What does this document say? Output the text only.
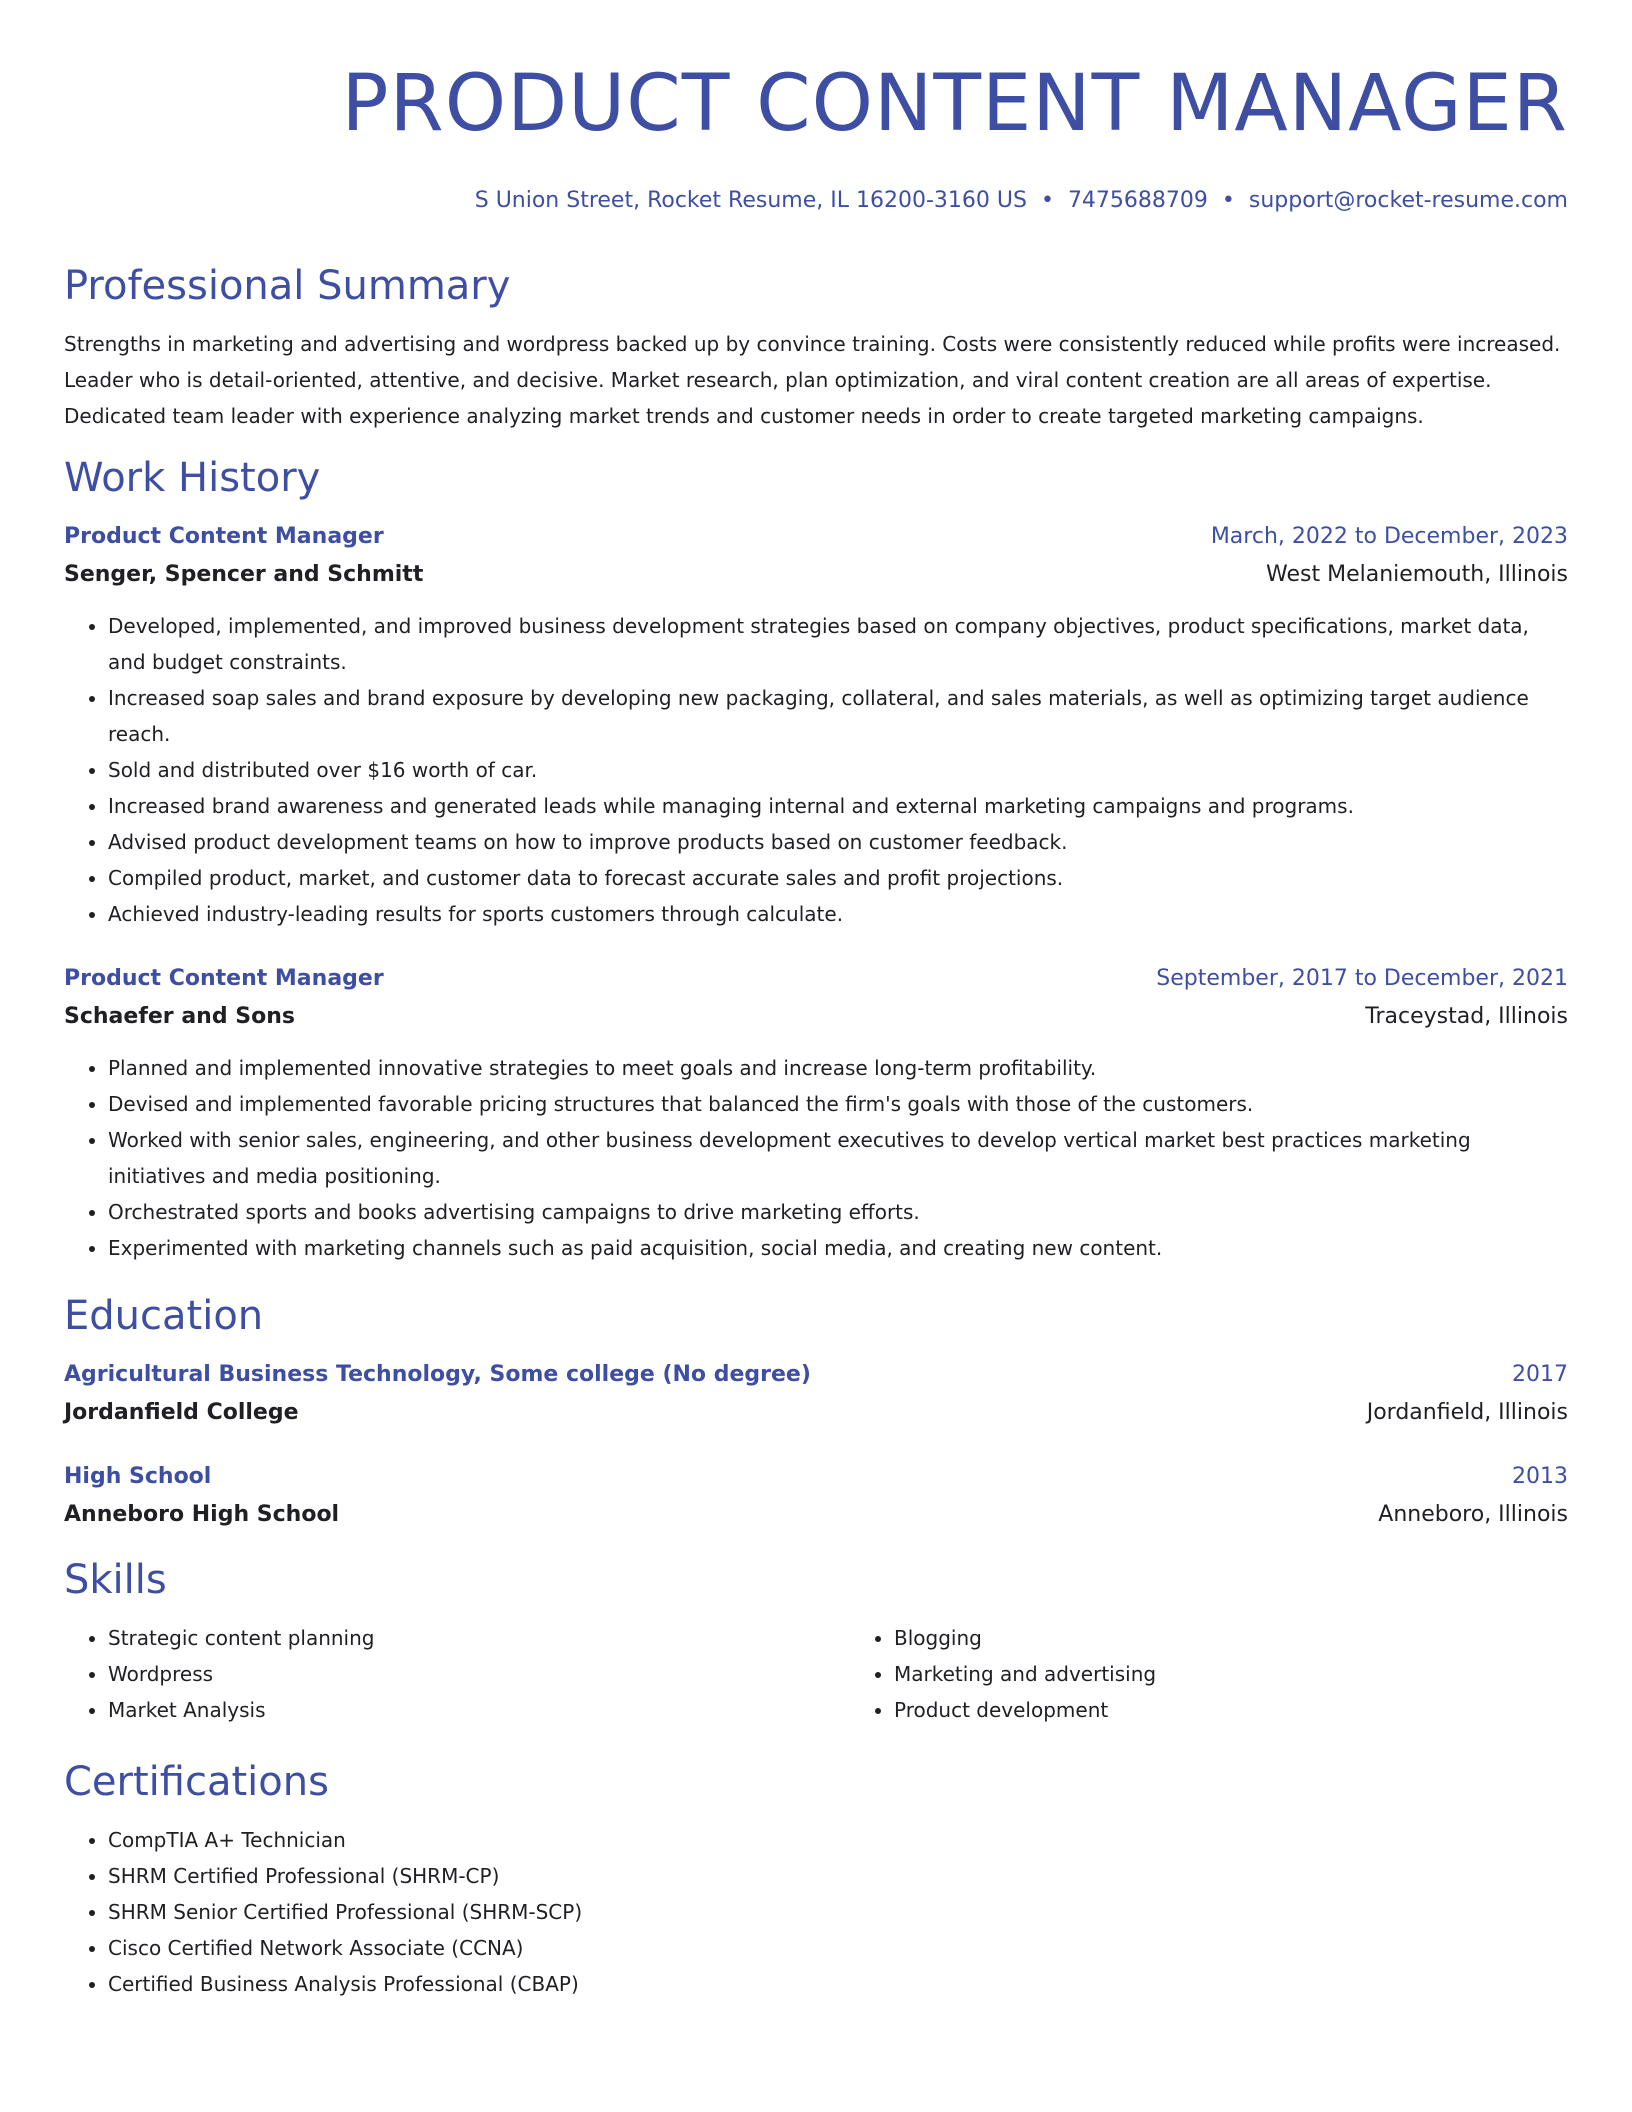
PRODUCT CONTENT MANAGER
S Union Street, Rocket Resume, IL 16200-3160 US • 7475688709 • support@rocket-resume.com
Professional Summary

Strengths in marketing and advertising and wordpress backed up by convince training. Costs were consistently reduced while profits were increased. Leader who is detail-oriented, attentive, and decisive. Market research, plan optimization, and viral content creation are all areas of expertise. Dedicated team leader with experience analyzing market trends and customer needs in order to create targeted marketing campaigns.

Work History
Product Content Manager	March, 2022 to December, 2023
Senger, Spencer and Schmitt	West Melaniemouth, Illinois
• Developed, implemented, and improved business development strategies based on company objectives, product specifications, market data, and budget constraints.
• Increased soap sales and brand exposure by developing new packaging, collateral, and sales materials, as well as optimizing target audience reach.
• Sold and distributed over $16 worth of car.
• Increased brand awareness and generated leads while managing internal and external marketing campaigns and programs.
• Advised product development teams on how to improve products based on customer feedback.
• Compiled product, market, and customer data to forecast accurate sales and profit projections.
• Achieved industry-leading results for sports customers through calculate.
Product Content Manager	September, 2017 to December, 2021
Schaefer and Sons	Traceystad, Illinois
• Planned and implemented innovative strategies to meet goals and increase long-term profitability.
• Devised and implemented favorable pricing structures that balanced the firm's goals with those of the customers.
• Worked with senior sales, engineering, and other business development executives to develop vertical market best practices marketing initiatives and media positioning.
• Orchestrated sports and books advertising campaigns to drive marketing efforts.
• Experimented with marketing channels such as paid acquisition, social media, and creating new content.
Education
Agricultural Business Technology, Some college (No degree)	2017
Jordanfield College	Jordanfield, Illinois
High School	2013
Anneboro High School	Anneboro, Illinois
Skills
• Strategic content planning
• Wordpress
• Market Analysis
• Blogging
• Marketing and advertising
• Product development
Certifications
• CompTIA A+ Technician
• SHRM Certified Professional (SHRM-CP)
• SHRM Senior Certified Professional (SHRM-SCP)
• Cisco Certified Network Associate (CCNA)
• Certified Business Analysis Professional (CBAP)
